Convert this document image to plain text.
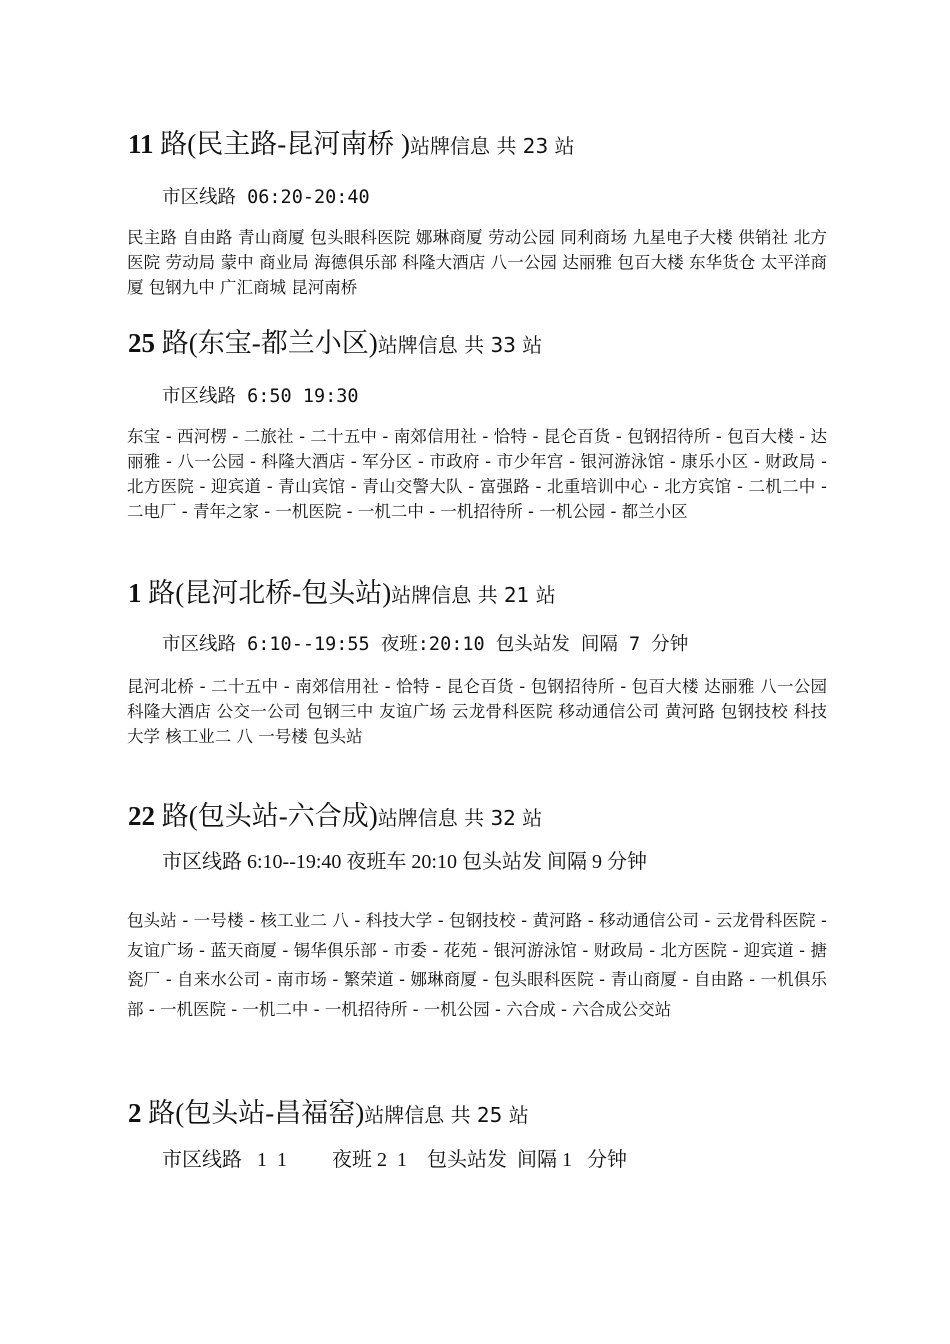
11 路(民主路-昆河南桥 )站牌信息 共 23 站
市区线路 06:20-20:40
民主路 自由路 青山商厦 包头眼科医院 娜琳商厦 劳动公园 同利商场 九星电子大楼 供销社 北方医院 劳动局 蒙中 商业局 海德俱乐部 科隆大酒店 八一公园 达丽雅 包百大楼 东华货仓 太平洋商厦 包钢九中 广汇商城 昆河南桥
25 路(东宝-都兰小区)站牌信息 共 33 站
市区线路 6:50 19:30
东宝 - 西河楞 - 二旅社 - 二十五中 - 南郊信用社 - 恰特 - 昆仑百货 - 包钢招待所 - 包百大楼 - 达丽雅 - 八一公园 - 科隆大酒店 - 军分区 - 市政府 - 市少年宫 - 银河游泳馆 - 康乐小区 - 财政局 - 北方医院 - 迎宾道 - 青山宾馆 - 青山交警大队 - 富强路 - 北重培训中心 - 北方宾馆 - 二机二中 - 二电厂 - 青年之家 - 一机医院 - 一机二中 - 一机招待所 - 一机公园 - 都兰小区
1 路(昆河北桥-包头站)站牌信息 共 21 站
市区线路 6:10--19:55 夜班:20:10 包头站发 间隔 7 分钟
昆河北桥 - 二十五中 - 南郊信用社 - 恰特 - 昆仑百货 - 包钢招待所 - 包百大楼 达丽雅 八一公园 科隆大酒店 公交一公司 包钢三中 友谊广场 云龙骨科医院 移动通信公司 黄河路 包钢技校 科技大学 核工业二 八 一号楼 包头站
22 路(包头站-六合成)站牌信息 共 32 站
市区线路 6:10--19:40 夜班车 20:10 包头站发 间隔 9 分钟
包头站 - 一号楼 - 核工业二 八 - 科技大学 - 包钢技校 - 黄河路 - 移动通信公司 - 云龙骨科医院 - 友谊广场 - 蓝天商厦 - 锡华俱乐部 - 市委 - 花苑 - 银河游泳馆 - 财政局 - 北方医院 - 迎宾道 - 搪瓷厂 - 自来水公司 - 南市场 - 繁荣道 - 娜琳商厦 - 包头眼科医院 - 青山商厦 - 自由路 - 一机俱乐部 - 一机医院 - 一机二中 - 一机招待所 - 一机公园 - 六合成 - 六合成公交站
2 路(包头站-昌福窑)站牌信息 共 25 站
市区线路   1  1         夜班 2  1    包头站发  间隔 1   分钟
